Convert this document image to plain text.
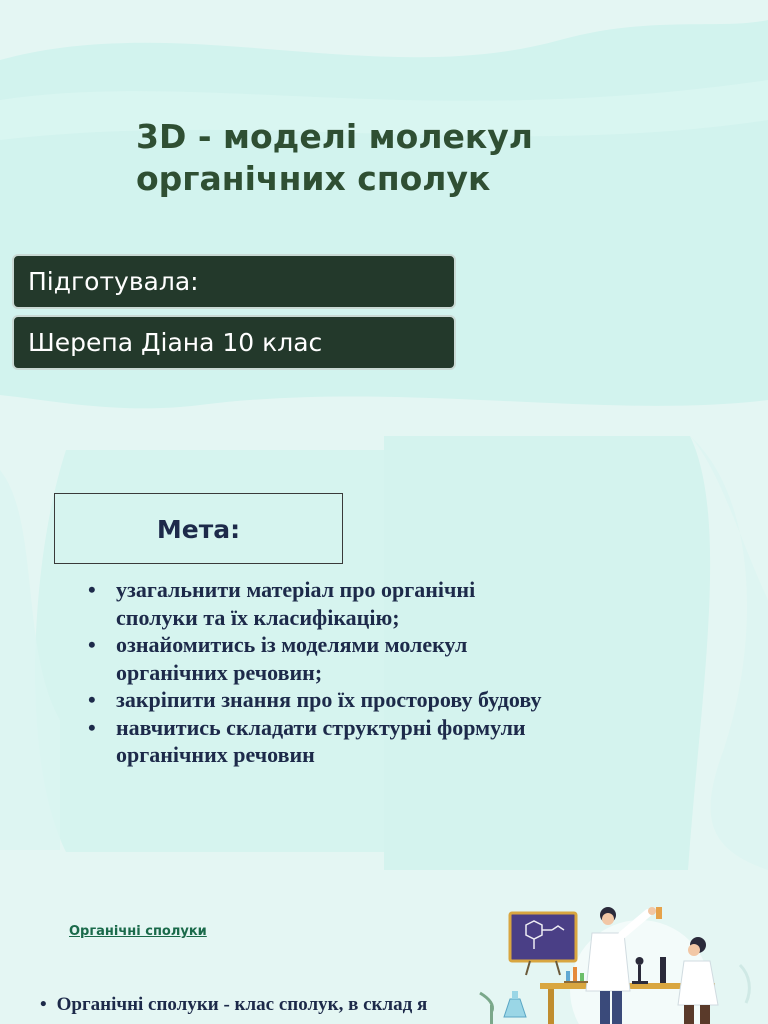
3D - моделі молекул
органічних сполук
Підготувала:
Шерепа Діана 10 клас
Мета:
• узагальнити матеріал про органічні сполуки та їх класифікацію;
• ознайомитись із моделями молекул органічних речовин;
• закріпити знання про їх просторову будову
• навчитись складати структурні формули органічних речовин
Органічні сполуки
• Органічні сполуки - клас сполук, в склад я
